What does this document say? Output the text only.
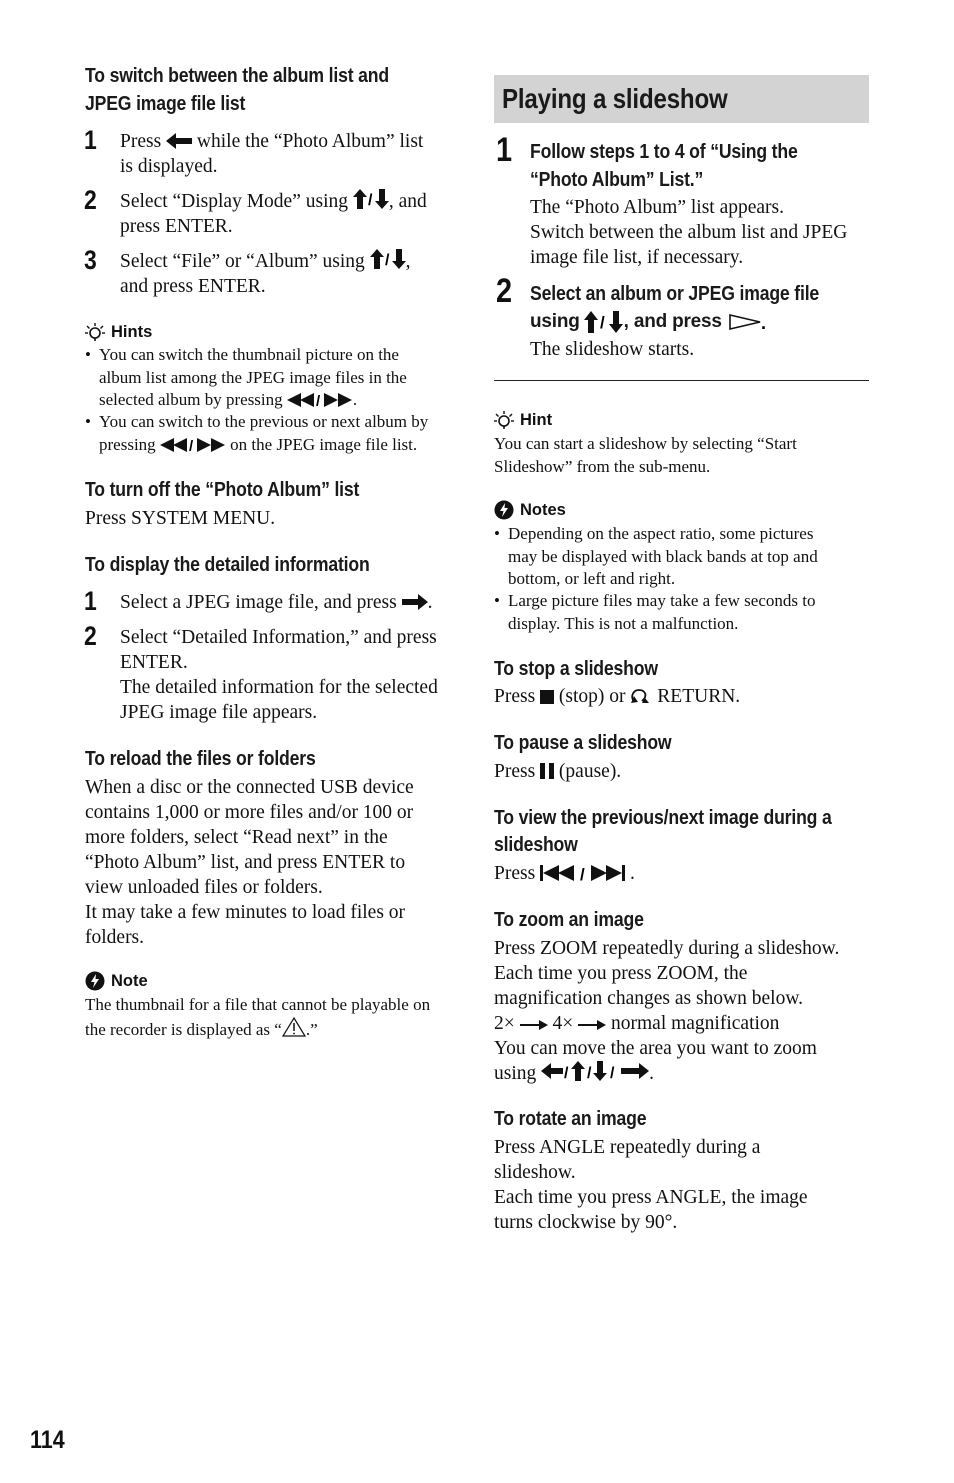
To switch between the album list and
JPEG image file list
1 Press while the “Photo Album” list
is displayed.
2 Select “Display Mode” using / , and
press ENTER.
3 Select “File” or “Album” using / ,
and press ENTER.
Hints
• You can switch the thumbnail picture on the
album list among the JPEG image files in the
selected album by pressing / .
• You can switch to the previous or next album by
pressing / on the JPEG image file list.
To turn off the “Photo Album” list
Press SYSTEM MENU.
To display the detailed information
1 Select a JPEG image file, and press .
2 Select “Detailed Information,” and press
ENTER.
The detailed information for the selected
JPEG image file appears.
To reload the files or folders
When a disc or the connected USB device
contains 1,000 or more files and/or 100 or
more folders, select “Read next” in the
“Photo Album” list, and press ENTER to
view unloaded files or folders.
It may take a few minutes to load files or
folders.
Note
The thumbnail for a file that cannot be playable on
the recorder is displayed as “ .”
Playing a slideshow
1 Follow steps 1 to 4 of “Using the
“Photo Album” List.”
The “Photo Album” list appears.
Switch between the album list and JPEG
image file list, if necessary.
2 Select an album or JPEG image file
using / , and press .
The slideshow starts.
Hint
You can start a slideshow by selecting “Start
Slideshow” from the sub-menu.
Notes
• Depending on the aspect ratio, some pictures
may be displayed with black bands at top and
bottom, or left and right.
• Large picture files may take a few seconds to
display. This is not a malfunction.
To stop a slideshow
Press (stop) or RETURN.
To pause a slideshow
Press (pause).
To view the previous/next image during a
slideshow
Press	/ .
To zoom an image
Press ZOOM repeatedly during a slideshow.
Each time you press ZOOM, the
magnification changes as shown below.
2× 4× normal magnification
You can move the area you want to zoom
using / / / .
To rotate an image
Press ANGLE repeatedly during a
slideshow.
Each time you press ANGLE, the image
turns clockwise by 90°.
114
